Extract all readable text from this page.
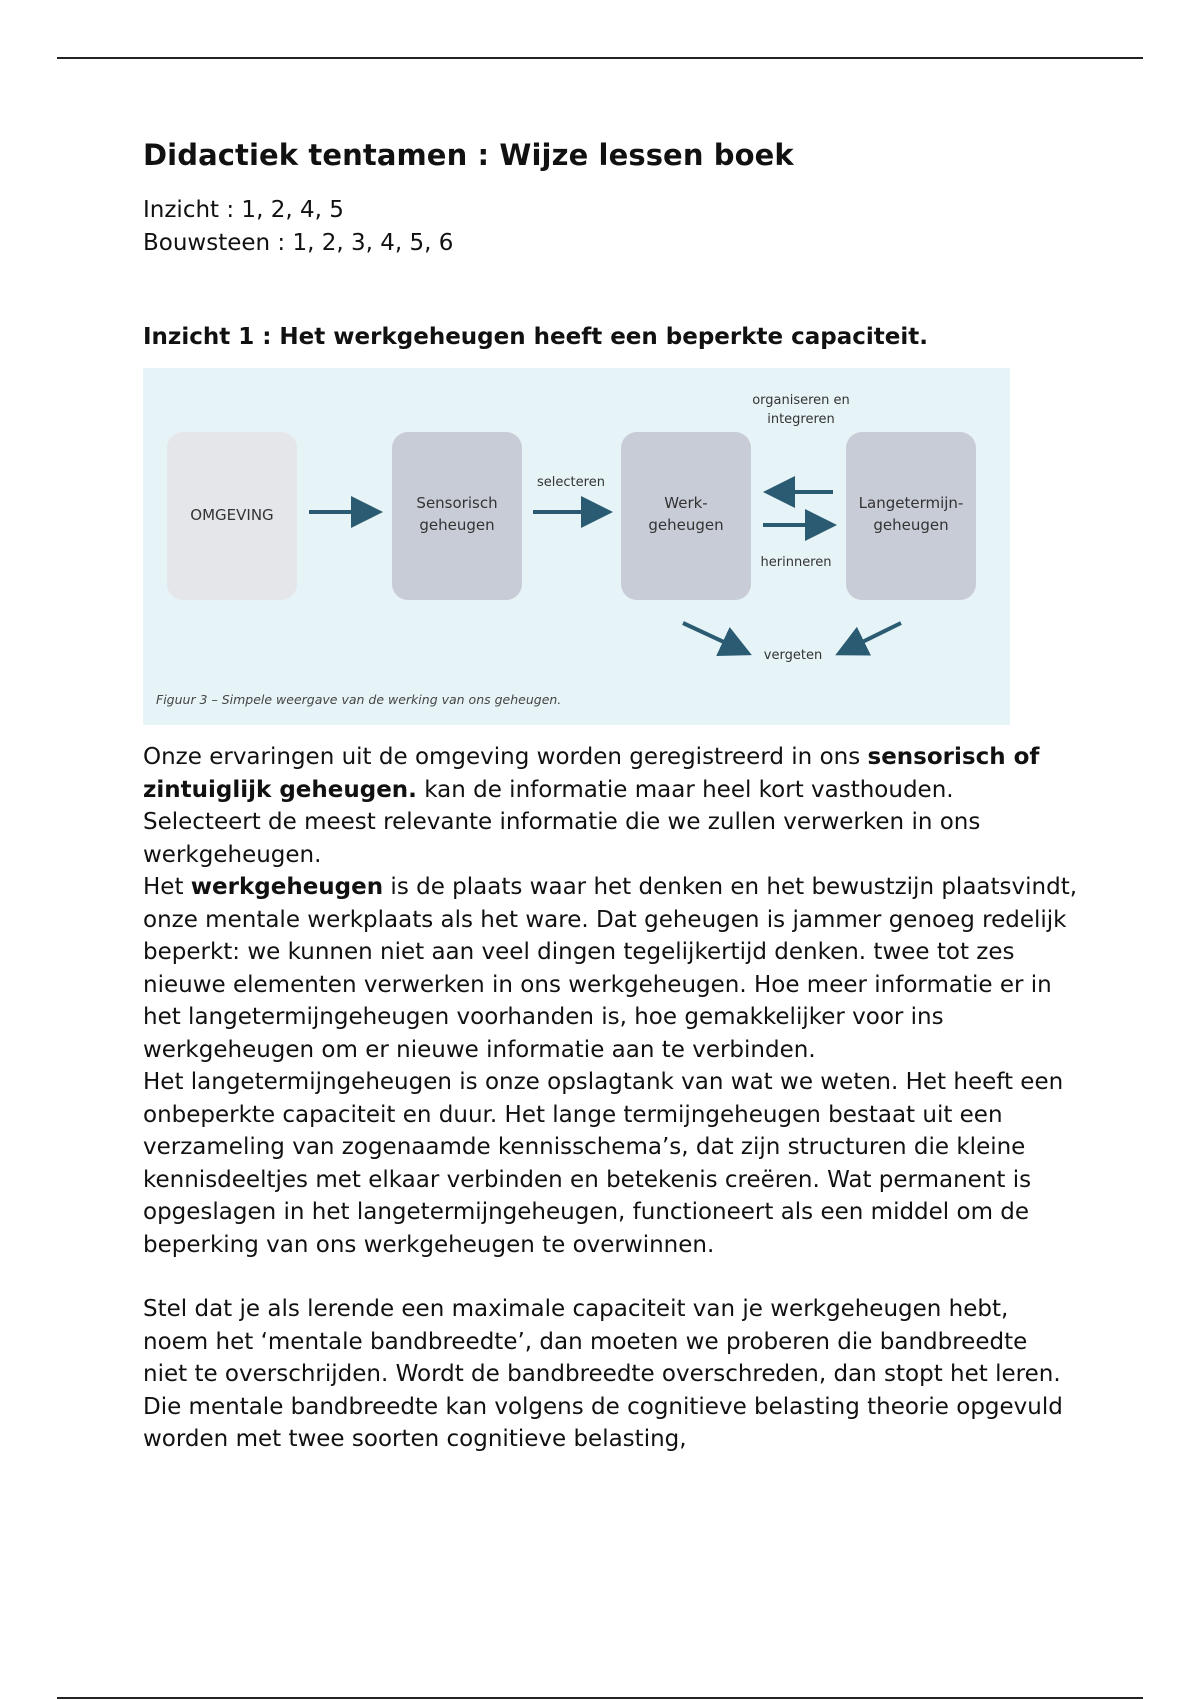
Didactiek tentamen : Wijze lessen boek
Inzicht : 1, 2, 4, 5
Bouwsteen : 1, 2, 3, 4, 5, 6
Inzicht 1 : Het werkgeheugen heeft een beperkte capaciteit.
OMGEVING
Sensorisch
geheugen
Werk-
geheugen
Langetermijn-
geheugen
selecteren
organiseren en
integreren
herinneren
vergeten
Figuur 3 – Simpele weergave van de werking van ons geheugen.

Onze ervaringen uit de omgeving worden geregistreerd in ons sensorisch of zintuiglijk geheugen. kan de informatie maar heel kort vasthouden. Selecteert de meest relevante informatie die we zullen verwerken in ons werkgeheugen.

Het werkgeheugen is de plaats waar het denken en het bewustzijn plaatsvindt, onze mentale werkplaats als het ware. Dat geheugen is jammer genoeg redelijk beperkt: we kunnen niet aan veel dingen tegelijkertijd denken. twee tot zes nieuwe elementen verwerken in ons werkgeheugen. Hoe meer informatie er in het langetermijngeheugen voorhanden is, hoe gemakkelijker voor ins werkgeheugen om er nieuwe informatie aan te verbinden.

Het langetermijngeheugen is onze opslagtank van wat we weten. Het heeft een onbeperkte capaciteit en duur. Het lange termijngeheugen bestaat uit een verzameling van zogenaamde kennisschema’s, dat zijn structuren die kleine kennisdeeltjes met elkaar verbinden en betekenis creëren. Wat permanent is opgeslagen in het langetermijngeheugen, functioneert als een middel om de beperking van ons werkgeheugen te overwinnen.

Stel dat je als lerende een maximale capaciteit van je werkgeheugen hebt, noem het ‘mentale bandbreedte’, dan moeten we proberen die bandbreedte niet te overschrijden. Wordt de bandbreedte overschreden, dan stopt het leren. Die mentale bandbreedte kan volgens de cognitieve belasting theorie opgevuld worden met twee soorten cognitieve belasting,
